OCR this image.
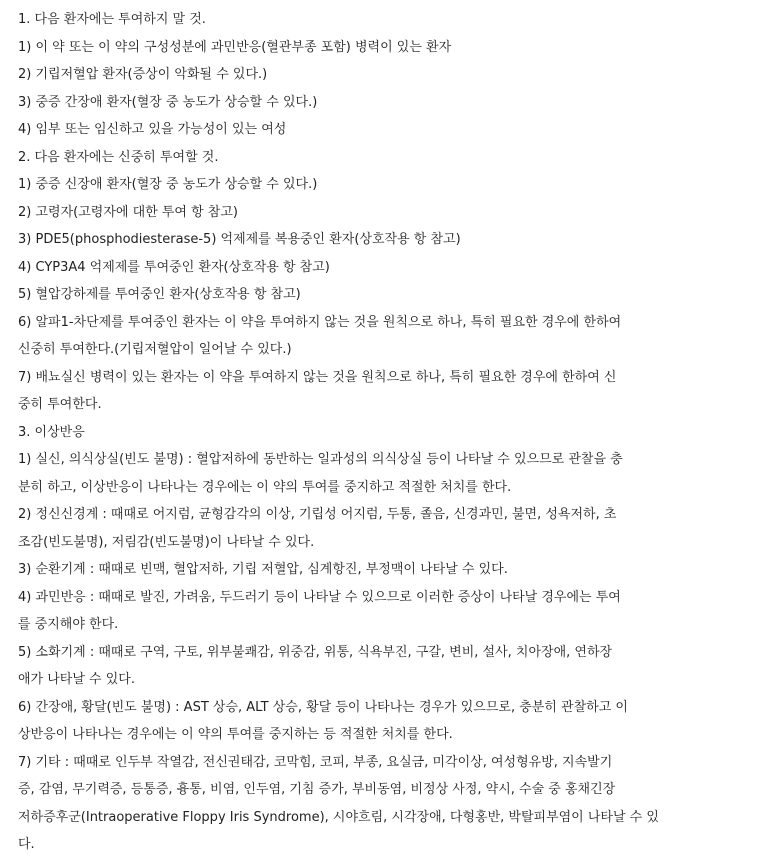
1. 다음 환자에는 투여하지 말 것.
1) 이 약 또는 이 약의 구성성분에 과민반응(혈관부종 포함) 병력이 있는 환자
2) 기립저혈압 환자(증상이 악화될 수 있다.)
3) 중증 간장애 환자(혈장 중 농도가 상승할 수 있다.)
4) 임부 또는 임신하고 있을 가능성이 있는 여성
2. 다음 환자에는 신중히 투여할 것.
1) 중증 신장애 환자(혈장 중 농도가 상승할 수 있다.)
2) 고령자(고령자에 대한 투여 항 참고)
3) PDE5(phosphodiesterase-5) 억제제를 복용중인 환자(상호작용 항 참고)
4) CYP3A4 억제제를 투여중인 환자(상호작용 항 참고)
5) 혈압강하제를 투여중인 환자(상호작용 항 참고)
6) 알파1-차단제를 투여중인 환자는 이 약을 투여하지 않는 것을 원칙으로 하나, 특히 필요한 경우에 한하여
신중히 투여한다.(기립저혈압이 일어날 수 있다.)
7) 배뇨실신 병력이 있는 환자는 이 약을 투여하지 않는 것을 원칙으로 하나, 특히 필요한 경우에 한하여 신
중히 투여한다.
3. 이상반응
1) 실신, 의식상실(빈도 불명) : 혈압저하에 동반하는 일과성의 의식상실 등이 나타날 수 있으므로 관찰을 충
분히 하고, 이상반응이 나타나는 경우에는 이 약의 투여를 중지하고 적절한 처치를 한다.
2) 정신신경계 : 때때로 어지럼, 균형감각의 이상, 기립성 어지럼, 두통, 졸음, 신경과민, 불면, 성욕저하, 초
조감(빈도불명), 저림감(빈도불명)이 나타날 수 있다.
3) 순환기계 : 때때로 빈맥, 혈압저하, 기립 저혈압, 심계항진, 부정맥이 나타날 수 있다.
4) 과민반응 : 때때로 발진, 가려움, 두드러기 등이 나타날 수 있으므로 이러한 증상이 나타날 경우에는 투여
를 중지해야 한다.
5) 소화기계 : 때때로 구역, 구토, 위부불쾌감, 위중감, 위통, 식욕부진, 구갈, 변비, 설사, 치아장애, 연하장
애가 나타날 수 있다.
6) 간장애, 황달(빈도 불명) : AST 상승, ALT 상승, 황달 등이 나타나는 경우가 있으므로, 충분히 관찰하고 이
상반응이 나타나는 경우에는 이 약의 투여를 중지하는 등 적절한 처치를 한다.
7) 기타 : 때때로 인두부 작열감, 전신권태감, 코막힘, 코피, 부종, 요실금, 미각이상, 여성형유방, 지속발기
증, 감염, 무기력증, 등통증, 흉통, 비염, 인두염, 기침 증가, 부비동염, 비정상 사정, 약시, 수술 중 홍채긴장
저하증후군(Intraoperative Floppy Iris Syndrome), 시야흐림, 시각장애, 다형홍반, 박탈피부염이 나타날 수 있
다.
